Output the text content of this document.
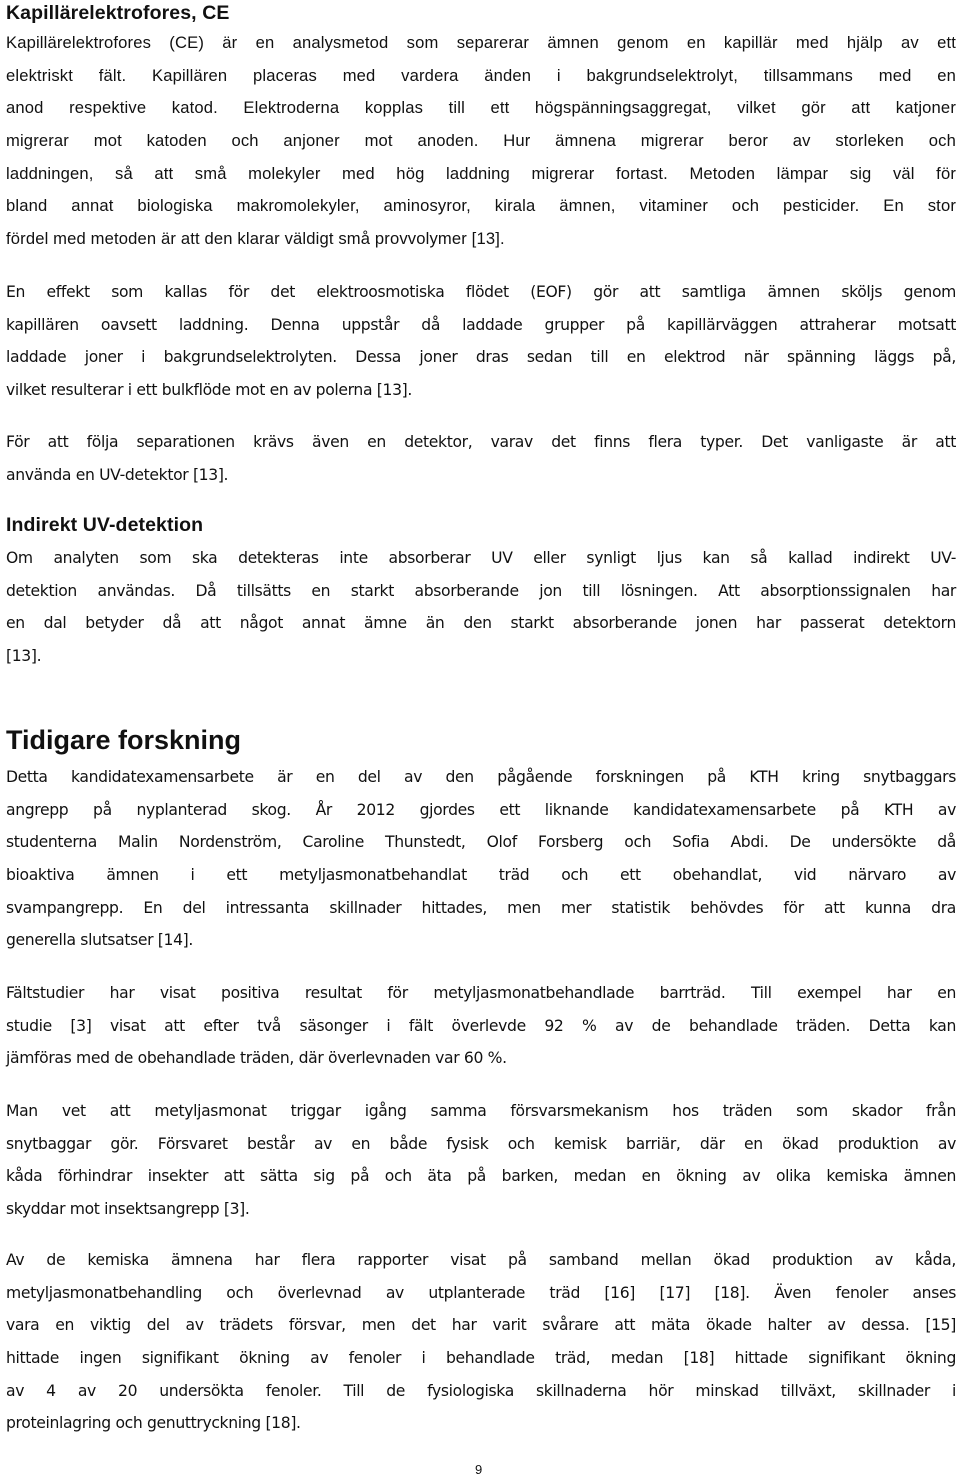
Kapillärelektrofores, CE
Kapillärelektrofores (CE) är en analysmetod som separerar ämnen genom en kapillär med hjälp av ett
elektriskt fält. Kapillären placeras med vardera änden i bakgrundselektrolyt, tillsammans med en
anod respektive katod. Elektroderna kopplas till ett högspänningsaggregat, vilket gör att katjoner
migrerar mot katoden och anjoner mot anoden. Hur ämnena migrerar beror av storleken och
laddningen, så att små molekyler med hög laddning migrerar fortast. Metoden lämpar sig väl för
bland annat biologiska makromolekyler, aminosyror, kirala ämnen, vitaminer och pesticider. En stor
fördel med metoden är att den klarar väldigt små provvolymer [13].
En effekt som kallas för det elektroosmotiska flödet (EOF) gör att samtliga ämnen sköljs genom
kapillären oavsett laddning. Denna uppstår då laddade grupper på kapillärväggen attraherar motsatt
laddade joner i bakgrundselektrolyten. Dessa joner dras sedan till en elektrod när spänning läggs på,
vilket resulterar i ett bulkflöde mot en av polerna [13].
För att följa separationen krävs även en detektor, varav det finns flera typer. Det vanligaste är att
använda en UV-detektor [13].
Indirekt UV-detektion
Om analyten som ska detekteras inte absorberar UV eller synligt ljus kan så kallad indirekt UV-
detektion användas. Då tillsätts en starkt absorberande jon till lösningen. Att absorptionssignalen har
en dal betyder då att något annat ämne än den starkt absorberande jonen har passerat detektorn
[13].
Tidigare forskning
Detta kandidatexamensarbete är en del av den pågående forskningen på KTH kring snytbaggars
angrepp på nyplanterad skog. År 2012 gjordes ett liknande kandidatexamensarbete på KTH av
studenterna Malin Nordenström, Caroline Thunstedt, Olof Forsberg och Sofia Abdi. De undersökte då
bioaktiva ämnen i ett metyljasmonatbehandlat träd och ett obehandlat, vid närvaro av
svampangrepp. En del intressanta skillnader hittades, men mer statistik behövdes för att kunna dra
generella slutsatser [14].
Fältstudier har visat positiva resultat för metyljasmonatbehandlade barrträd. Till exempel har en
studie [3] visat att efter två säsonger i fält överlevde 92 % av de behandlade träden. Detta kan
jämföras med de obehandlade träden, där överlevnaden var 60 %.
Man vet att metyljasmonat triggar igång samma försvarsmekanism hos träden som skador från
snytbaggar gör. Försvaret består av en både fysisk och kemisk barriär, där en ökad produktion av
kåda förhindrar insekter att sätta sig på och äta på barken, medan en ökning av olika kemiska ämnen
skyddar mot insektsangrepp [3].
Av de kemiska ämnena har flera rapporter visat på samband mellan ökad produktion av kåda,
metyljasmonatbehandling och överlevnad av utplanterade träd [16] [17] [18]. Även fenoler anses
vara en viktig del av trädets försvar, men det har varit svårare att mäta ökade halter av dessa. [15]
hittade ingen signifikant ökning av fenoler i behandlade träd, medan [18] hittade signifikant ökning
av 4 av 20 undersökta fenoler. Till de fysiologiska skillnaderna hör minskad tillväxt, skillnader i
proteinlagring och genuttryckning [18].
9
